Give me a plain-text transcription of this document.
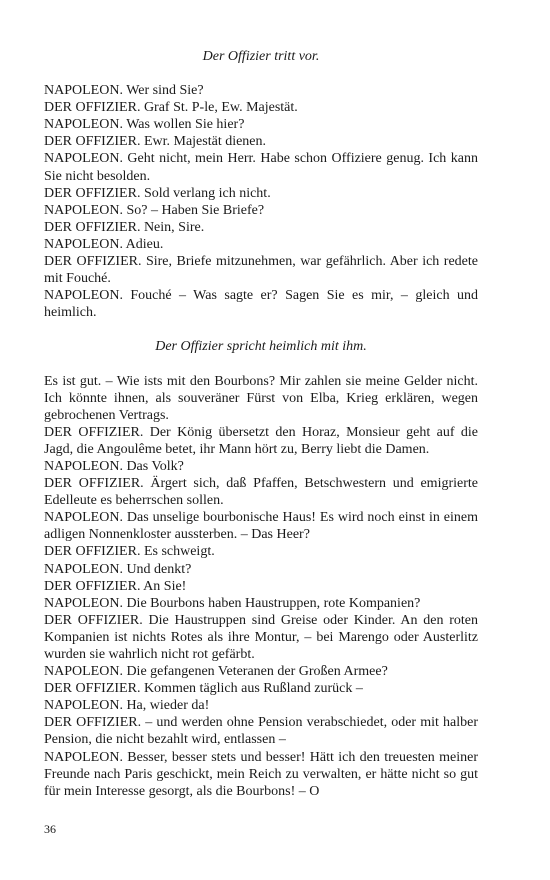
Der Offizier tritt vor.

NAPOLEON. Wer sind Sie?

DER OFFIZIER. Graf St. P-le, Ew. Majestät.

NAPOLEON. Was wollen Sie hier?

DER OFFIZIER. Ewr. Majestät dienen.

NAPOLEON. Geht nicht, mein Herr. Habe schon Offiziere genug. Ich kann Sie nicht besolden.

DER OFFIZIER. Sold verlang ich nicht.

NAPOLEON. So? – Haben Sie Briefe?

DER OFFIZIER. Nein, Sire.

NAPOLEON. Adieu.

DER OFFIZIER. Sire, Briefe mitzunehmen, war gefährlich. Aber ich redete mit Fouché.

NAPOLEON. Fouché – Was sagte er? Sagen Sie es mir, – gleich und heimlich.

Der Offizier spricht heimlich mit ihm.

Es ist gut. – Wie ists mit den Bourbons? Mir zahlen sie meine Gelder nicht. Ich könnte ihnen, als souveräner Fürst von Elba, Krieg erklären, wegen gebrochenen Vertrags.

DER OFFIZIER. Der König übersetzt den Horaz, Monsieur geht auf die Jagd, die Angoulême betet, ihr Mann hört zu, Berry liebt die Damen.

NAPOLEON. Das Volk?

DER OFFIZIER. Ärgert sich, daß Pfaffen, Betschwestern und emigrierte Edelleute es beherrschen sollen.

NAPOLEON. Das unselige bourbonische Haus! Es wird noch einst in einem adligen Nonnenkloster aussterben. – Das Heer?

DER OFFIZIER. Es schweigt.

NAPOLEON. Und denkt?

DER OFFIZIER. An Sie!

NAPOLEON. Die Bourbons haben Haustruppen, rote Kompanien?

DER OFFIZIER. Die Haustruppen sind Greise oder Kinder. An den roten Kompanien ist nichts Rotes als ihre Montur, – bei Marengo oder Austerlitz wurden sie wahrlich nicht rot gefärbt.

NAPOLEON. Die gefangenen Veteranen der Großen Armee?

DER OFFIZIER. Kommen täglich aus Rußland zurück –

NAPOLEON. Ha, wieder da!

DER OFFIZIER. – und werden ohne Pension verabschiedet, oder mit halber Pension, die nicht bezahlt wird, entlassen –

NAPOLEON. Besser, besser stets und besser! Hätt ich den treuesten meiner Freunde nach Paris geschickt, mein Reich zu verwalten, er hätte nicht so gut für mein Interesse gesorgt, als die Bourbons! – O

36
